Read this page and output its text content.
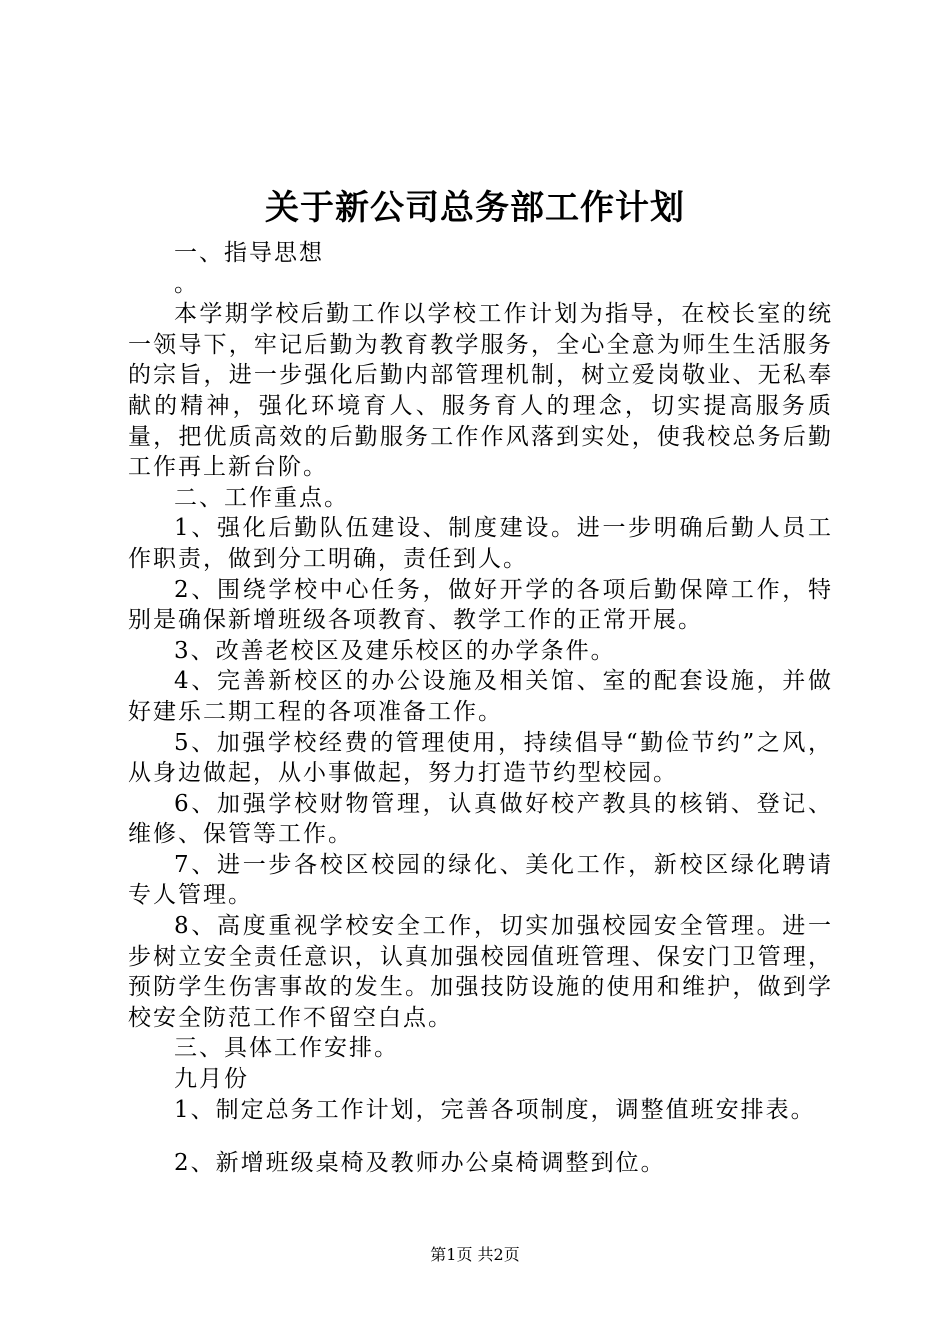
关于新公司总务部工作计划

一、指导思想

。

本学期学校后勤工作以学校工作计划为指导，在校长室的统一领导下，牢记后勤为教育教学服务，全心全意为师生生活服务的宗旨，进一步强化后勤内部管理机制，树立爱岗敬业、无私奉献的精神，强化环境育人、服务育人的理念，切实提高服务质量，把优质高效的后勤服务工作作风落到实处，使我校总务后勤工作再上新台阶。

二、工作重点。

1、强化后勤队伍建设、制度建设。进一步明确后勤人员工作职责，做到分工明确，责任到人。

2、围绕学校中心任务，做好开学的各项后勤保障工作，特别是确保新增班级各项教育、教学工作的正常开展。

3、改善老校区及建乐校区的办学条件。

4、完善新校区的办公设施及相关馆、室的配套设施，并做好建乐二期工程的各项准备工作。

5、加强学校经费的管理使用，持续倡导“勤俭节约”之风，从身边做起，从小事做起，努力打造节约型校园。

6、加强学校财物管理，认真做好校产教具的核销、登记、维修、保管等工作。

7、进一步各校区校园的绿化、美化工作，新校区绿化聘请专人管理。

8、高度重视学校安全工作，切实加强校园安全管理。进一步树立安全责任意识，认真加强校园值班管理、保安门卫管理，预防学生伤害事故的发生。加强技防设施的使用和维护，做到学校安全防范工作不留空白点。

三、具体工作安排。

九月份

1、制定总务工作计划，完善各项制度，调整值班安排表。

2、新增班级桌椅及教师办公桌椅调整到位。

第1页 共2页
